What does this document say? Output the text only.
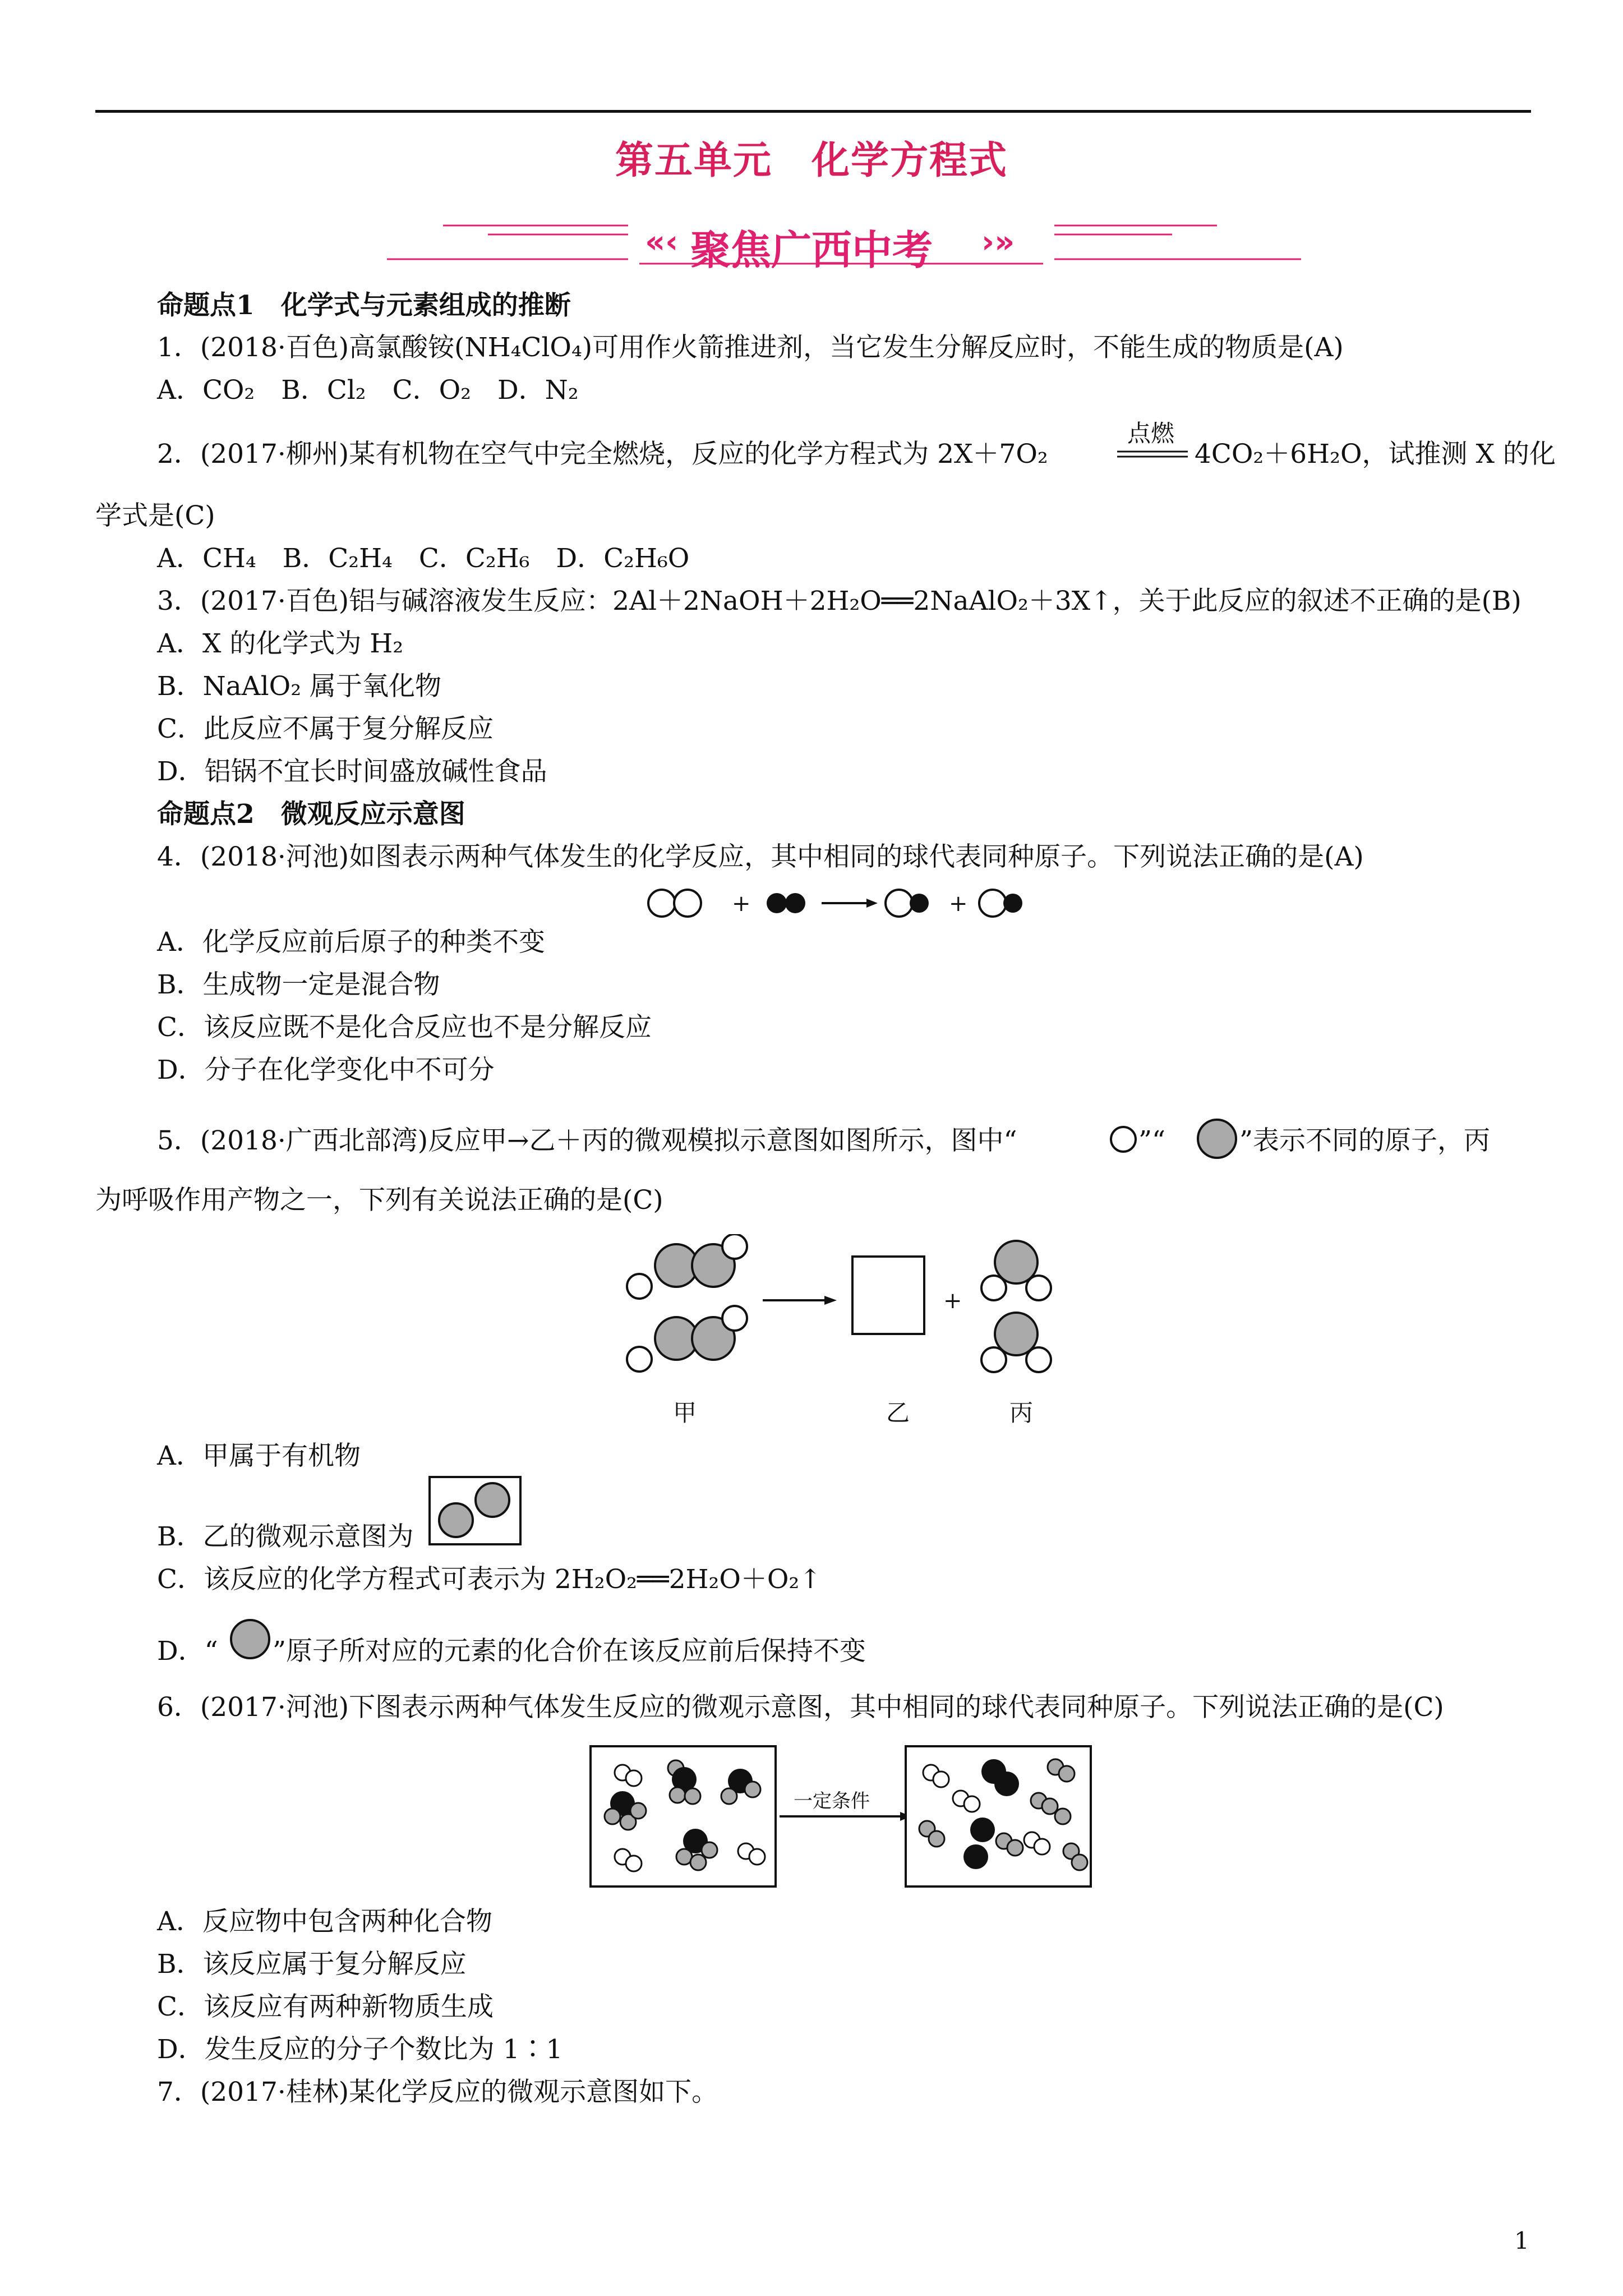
第五单元　化学方程式
«‹	›»
聚焦广西中考
命题点1　化学式与元素组成的推断
1．(2018·百色)高氯酸铵(NH₄ClO₄)可用作火箭推进剂，当它发生分解反应时，不能生成的物质是(A)
A．CO₂　B．Cl₂　C．O₂　D．N₂
2．(2017·柳州)某有机物在空气中完全燃烧，反应的化学方程式为 2X＋7O₂
点燃
4CO₂＋6H₂O，试推测 X 的化
学式是(C)
A．CH₄　B．C₂H₄　C．C₂H₆　D．C₂H₆O
3．(2017·百色)铝与碱溶液发生反应：2Al＋2NaOH＋2H₂O══2NaAlO₂＋3X↑，关于此反应的叙述不正确的是(B)
A．X 的化学式为 H₂
B．NaAlO₂ 属于氧化物
C．此反应不属于复分解反应
D．铝锅不宜长时间盛放碱性食品
命题点2　微观反应示意图
4．(2018·河池)如图表示两种气体发生的化学反应，其中相同的球代表同种原子。下列说法正确的是(A)
+	+
A．化学反应前后原子的种类不变
B．生成物一定是混合物
C．该反应既不是化合反应也不是分解反应
D．分子在化学变化中不可分
5．(2018·广西北部湾)反应甲→乙＋丙的微观模拟示意图如图所示，图中“	”“	”表示不同的原子，丙
为呼吸作用产物之一，下列有关说法正确的是(C)
+
甲	乙	丙
A．甲属于有机物
B．乙的微观示意图为
C．该反应的化学方程式可表示为 2H₂O₂══2H₂O＋O₂↑
D．“ ”原子所对应的元素的化合价在该反应前后保持不变
6．(2017·河池)下图表示两种气体发生反应的微观示意图，其中相同的球代表同种原子。下列说法正确的是(C)
一定条件
A．反应物中包含两种化合物
B．该反应属于复分解反应
C．该反应有两种新物质生成
D．发生反应的分子个数比为 1∶1
7．(2017·桂林)某化学反应的微观示意图如下。
1
